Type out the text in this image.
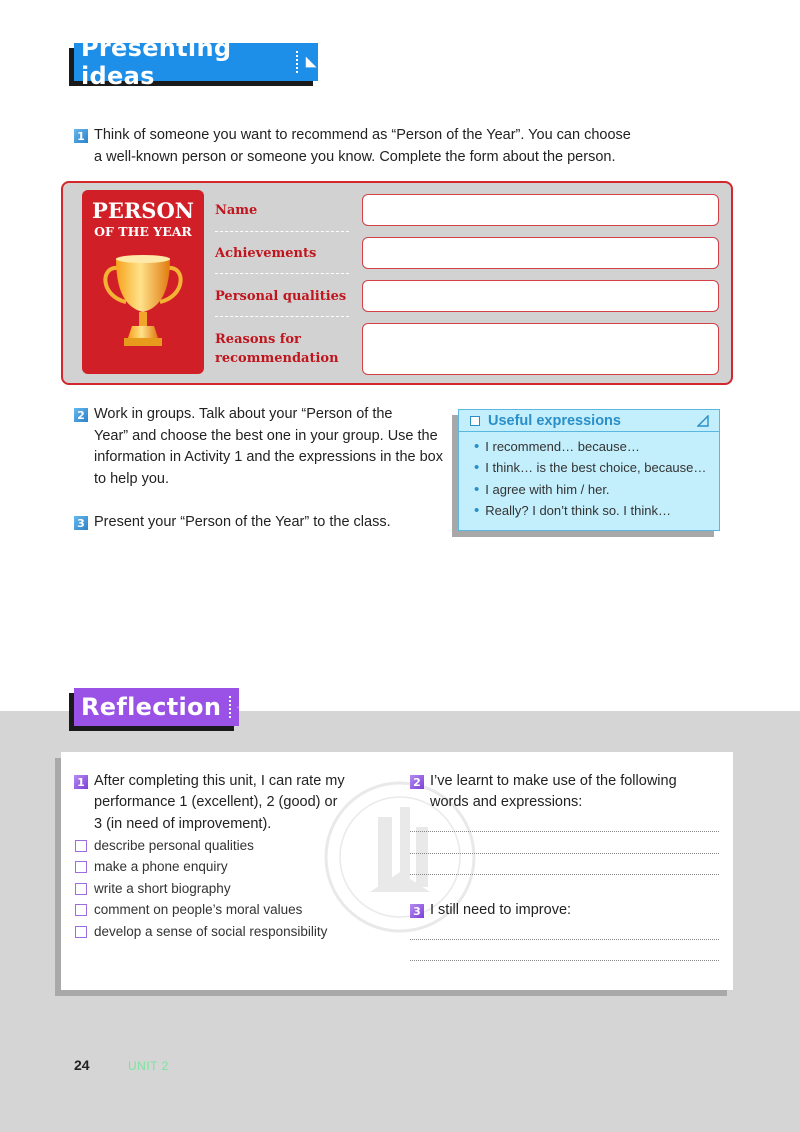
Presenting ideas
1 Think of someone you want to recommend as “Person of the Year”. You can choose
a well-known person or someone you know. Complete the form about the person.
PERSON
OF THE YEAR
Name
Achievements
Personal qualities
Reasons for
recommendation
2 Work in groups. Talk about your “Person of the
Year” and choose the best one in your group. Use the
information in Activity 1 and the expressions in the box
to help you.
3 Present your “Person of the Year” to the class.
Useful expressions
• I recommend… because…
• I think… is the best choice, because…
• I agree with him / her.
• Really? I don’t think so. I think…
Reflection
1 After completing this unit, I can rate my
performance 1 (excellent), 2 (good) or
3 (in need of improvement).
describe personal qualities
make a phone enquiry
write a short biography
comment on people’s moral values
develop a sense of social responsibility
2 I’ve learnt to make use of the following
words and expressions:
3 I still need to improve:
24	UNIT 2
